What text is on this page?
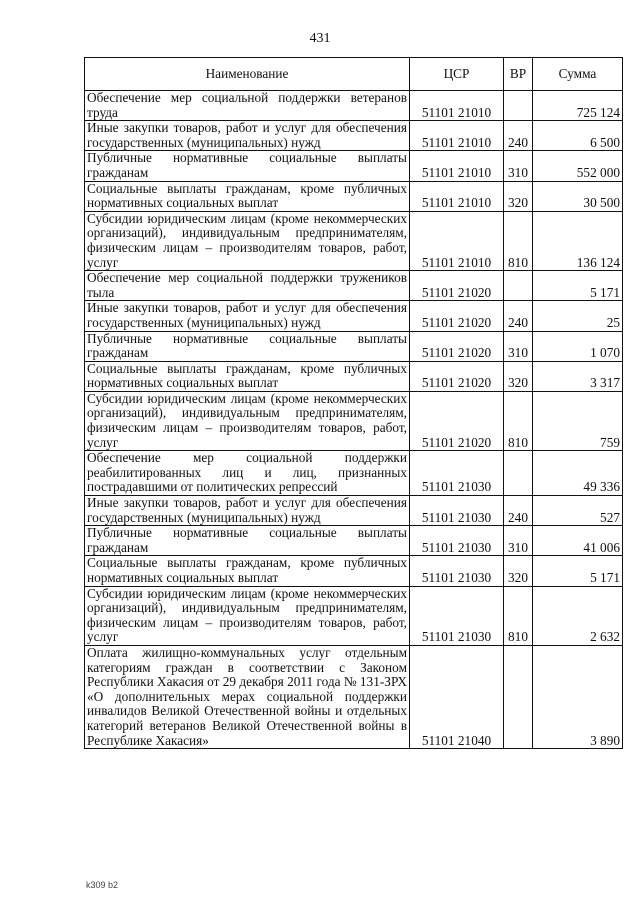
431
Наименование	ЦСР	ВР	Сумма
Обеспечение мер социальной поддержки ветеранов труда	51101 21010		725 124
Иные закупки товаров, работ и услуг для обеспечения государственных (муниципальных) нужд	51101 21010	240	6 500
Публичные нормативные социальные выплаты гражданам	51101 21010	310	552 000
Социальные выплаты гражданам, кроме публичных нормативных социальных выплат	51101 21010	320	30 500
Субсидии юридическим лицам (кроме некоммерческих организаций), индивидуальным предпринимателям, физическим лицам – производителям товаров, работ, услуг	51101 21010	810	136 124
Обеспечение мер социальной поддержки тружеников тыла	51101 21020		5 171
Иные закупки товаров, работ и услуг для обеспечения государственных (муниципальных) нужд	51101 21020	240	25
Публичные нормативные социальные выплаты гражданам	51101 21020	310	1 070
Социальные выплаты гражданам, кроме публичных нормативных социальных выплат	51101 21020	320	3 317
Субсидии юридическим лицам (кроме некоммерческих организаций), индивидуальным предпринимателям, физическим лицам – производителям товаров, работ, услуг	51101 21020	810	759
Обеспечение мер социальной поддержки реабилитированных лиц и лиц, признанных пострадавшими от политических репрессий	51101 21030		49 336
Иные закупки товаров, работ и услуг для обеспечения государственных (муниципальных) нужд	51101 21030	240	527
Публичные нормативные социальные выплаты гражданам	51101 21030	310	41 006
Социальные выплаты гражданам, кроме публичных нормативных социальных выплат	51101 21030	320	5 171
Субсидии юридическим лицам (кроме некоммерческих организаций), индивидуальным предпринимателям, физическим лицам – производителям товаров, работ, услуг	51101 21030	810	2 632
Оплата жилищно-коммунальных услуг отдельным категориям граждан в соответствии с Законом Республики Хакасия от 29 декабря 2011 года № 131-ЗРХ «О дополнительных мерах социальной поддержки инвалидов Великой Отечественной войны и отдельных категорий ветеранов Великой Отечественной войны в Республике Хакасия»	51101 21040		3 890
k309 b2
